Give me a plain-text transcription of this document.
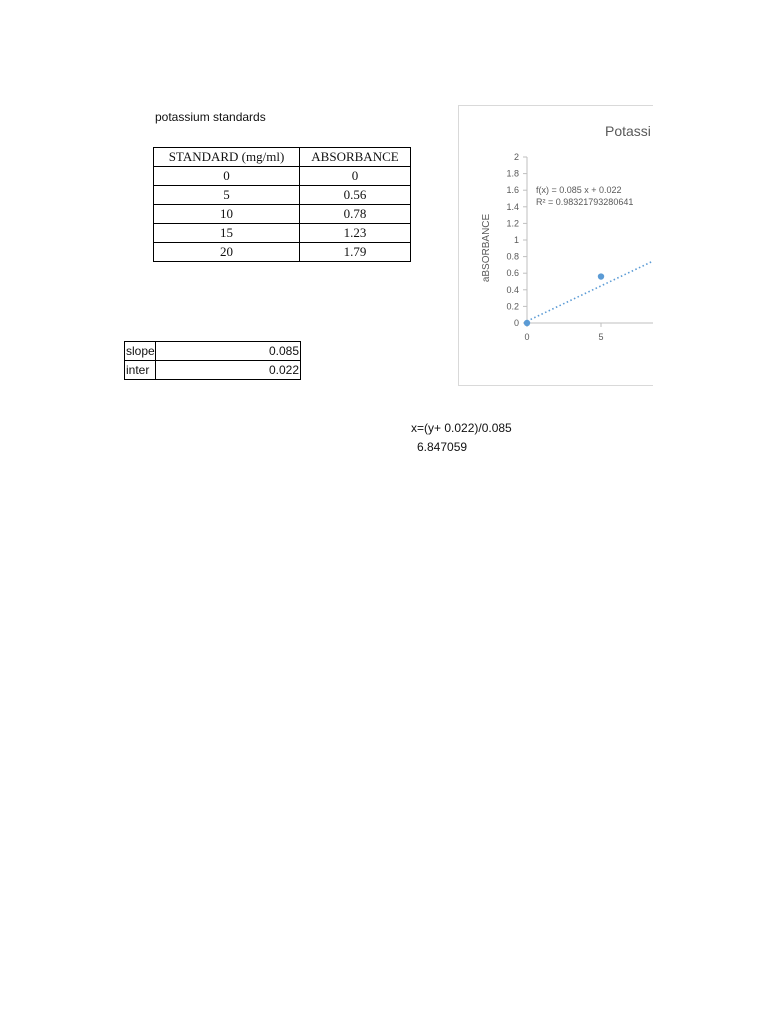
potassium standards
STANDARD (mg/ml)	ABSORBANCE
0	0
5	0.56
10	0.78
15	1.23
20	1.79
slope	0.085
inter	0.022
x=(y+ 0.022)/0.085
6.847059
Potassi
aBSORBANCE
f(x) = 0.085 x + 0.022
R² = 0.98321793280641
0
0.2
0.4
0.6
0.8
1
1.2
1.4
1.6
1.8
2
0	5
